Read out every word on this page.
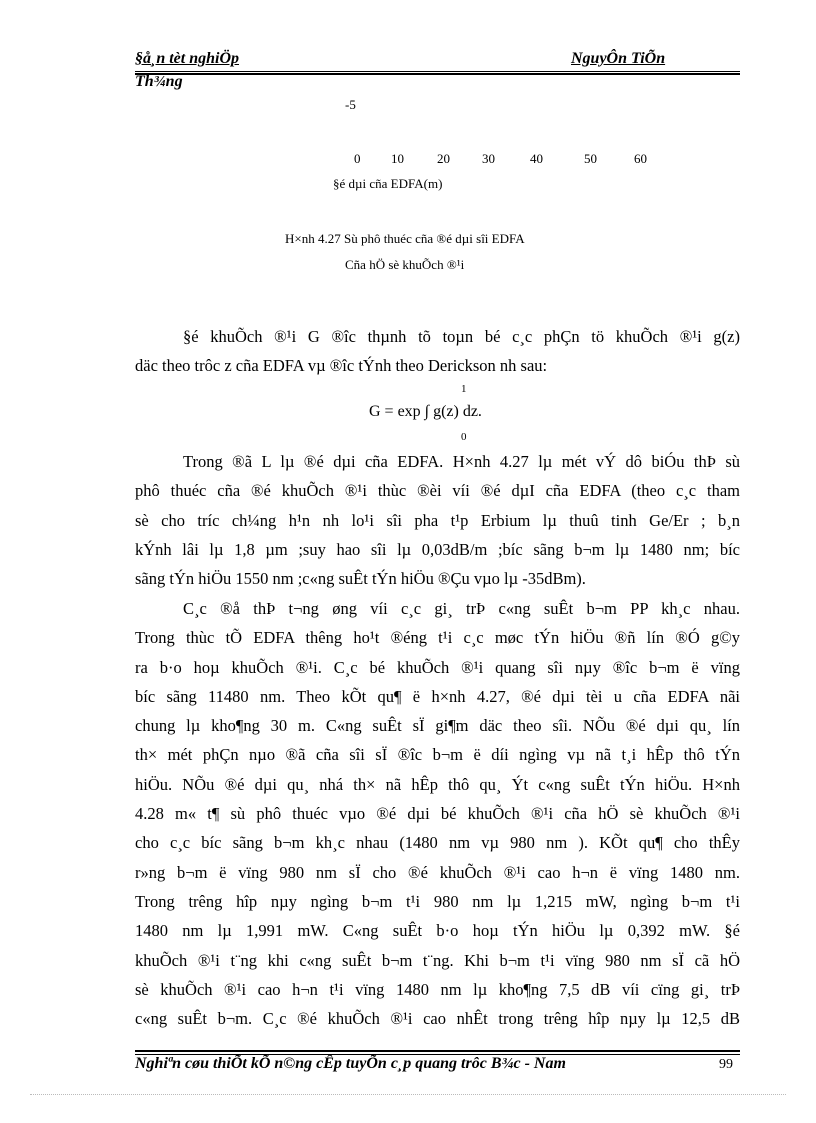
§å¸n tèt nghiÖp	NguyÔn TiÕn
Th¾ng
-5
0 10	20 30	40	50	60
§é dµi cña EDFA(m)
H×nh 4.27 Sù phô thuéc cña ®é dµi sîi EDFA
Cña hÖ sè khuÕch ®¹i

§é khuÕch ®¹i G ®îc thµnh tõ toµn bé c¸c phÇn tö khuÕch ®¹i g(z)

däc theo trôc z cña EDFA vµ ®îc tÝnh theo Derickson nh sau:

1
G = exp ∫ g(z) dz.
0

Trong ®ã L lµ ®é dµi cña EDFA. H×nh 4.27 lµ mét vÝ dô biÓu thÞ sù

phô thuéc cña ®é khuÕch ®¹i thùc ®èi víi ®é dµI cña EDFA (theo c¸c tham

sè cho tríc ch¼ng h¹n nh lo¹i sîi pha t¹p Erbium lµ thuû tinh Ge/Er ; b¸n

kÝnh lâi lµ 1,8 µm ;suy hao sîi lµ 0,03dB/m ;bíc sãng b¬m lµ 1480 nm; bíc

sãng tÝn hiÖu 1550 nm ;c«ng suÊt tÝn hiÖu ®Çu vµo lµ -35dBm).

C¸c ®å thÞ t¬ng øng víi c¸c gi¸ trÞ c«ng suÊt b¬m PP kh¸c nhau.

Trong thùc tÕ EDFA thêng ho¹t ®éng t¹i c¸c møc tÝn hiÖu ®ñ lín ®Ó g©y

ra b·o hoµ khuÕch ®¹i. C¸c bé khuÕch ®¹i quang sîi nµy ®îc b¬m ë vïng

bíc sãng 11480 nm. Theo kÕt qu¶ ë h×nh 4.27, ®é dµi tèi u cña EDFA nãi

chung lµ kho¶ng 30 m. C«ng suÊt sÏ gi¶m däc theo sîi. NÕu ®é dµi qu¸ lín

th× mét phÇn nµo ®ã cña sîi sÏ ®îc b¬m ë díi ngìng vµ nã t¸i hÊp thô tÝn

hiÖu. NÕu ®é dµi qu¸ nhá th× nã hÊp thô qu¸ Ýt c«ng suÊt tÝn hiÖu. H×nh

4.28 m« t¶ sù phô thuéc vµo ®é dµi bé khuÕch ®¹i cña hÖ sè khuÕch ®¹i

cho c¸c bíc sãng b¬m kh¸c nhau (1480 nm vµ 980 nm ). KÕt qu¶ cho thÊy

r»ng b¬m ë vïng 980 nm sÏ cho ®é khuÕch ®¹i cao h¬n ë vïng 1480 nm.

Trong trêng hîp nµy ngìng b¬m t¹i 980 nm lµ 1,215 mW, ngìng b¬m t¹i

1480 nm lµ 1,991 mW. C«ng suÊt b·o hoµ tÝn hiÖu lµ 0,392 mW. §é

khuÕch ®¹i t¨ng khi c«ng suÊt b¬m t¨ng. Khi b¬m t¹i vïng 980 nm sÏ cã hÖ

sè khuÕch ®¹i cao h¬n t¹i vïng 1480 nm lµ kho¶ng 7,5 dB víi cïng gi¸ trÞ

c«ng suÊt b¬m. C¸c ®é khuÕch ®¹i cao nhÊt trong trêng hîp nµy lµ 12,5 dB

Nghiªn cøu thiÕt kÕ n©ng cÊp tuyÕn c¸p quang trôc B¾c - Nam	99
